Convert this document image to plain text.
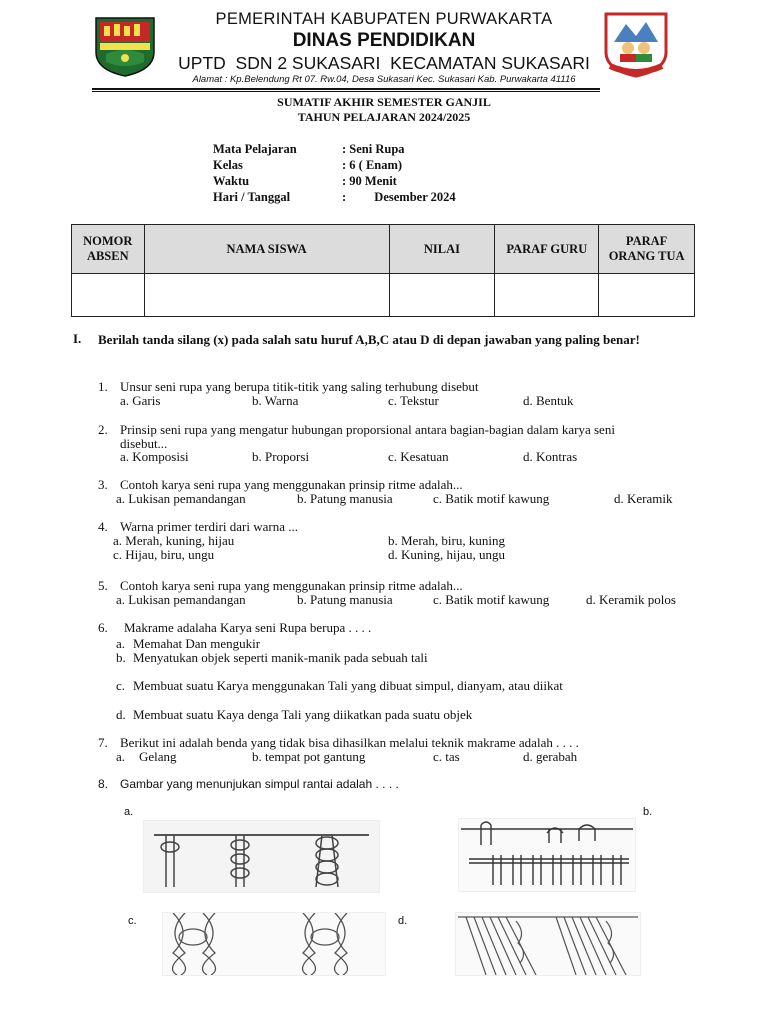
PEMERINTAH KABUPATEN PURWAKARTA
DINAS PENDIDIKAN
UPTD  SDN 2 SUKASARI  KECAMATAN SUKASARI
Alamat : Kp.Belendung Rt 07. Rw.04, Desa Sukasari Kec. Sukasari Kab. Purwakarta 41116
SUMATIF AKHIR SEMESTER GANJIL
TAHUN PELAJARAN 2024/2025
Mata Pelajaran	: Seni Rupa
Kelas	: 6 ( Enam)
Waktu	: 90 Menit
Hari / Tanggal	:         Desember 2024
NOMOR ABSEN	NAMA SISWA	NILAI	PARAF GURU	PARAF ORANG TUA

I. Berilah tanda silang (x) pada salah satu huruf A,B,C atau D di depan jawaban yang paling benar!
1. Unsur seni rupa yang berupa titik-titik yang saling terhubung disebut
a. Garis	b. Warna	c. Tekstur	d. Bentuk
2. Prinsip seni rupa yang mengatur hubungan proporsional antara bagian-bagian dalam karya seni
disebut...
a. Komposisi	b. Proporsi	c. Kesatuan	d. Kontras
3. Contoh karya seni rupa yang menggunakan prinsip ritme adalah...
a. Lukisan pemandangan	b. Patung manusia	c. Batik motif kawung	d. Keramik
4. Warna primer terdiri dari warna ...
a. Merah, kuning, hijau	b. Merah, biru, kuning
c. Hijau, biru, ungu	d. Kuning, hijau, ungu
5. Contoh karya seni rupa yang menggunakan prinsip ritme adalah...
a. Lukisan pemandangan	b. Patung manusia	c. Batik motif kawung	d. Keramik polos
6. Makrame adalaha Karya seni Rupa berupa . . . .
a. Memahat Dan mengukir
b. Menyatukan objek seperti manik-manik pada sebuah tali
c. Membuat suatu Karya menggunakan Tali yang dibuat simpul, dianyam, atau diikat
d. Membuat suatu Kaya denga Tali yang diikatkan pada suatu objek
7. Berikut ini adalah benda yang tidak bisa dihasilkan melalui teknik makrame adalah . . . .
a. Gelang	b. tempat pot gantung	c. tas	d. gerabah
8. Gambar yang menunjukan simpul rantai adalah . . . .
a.	b.
c.	d.
